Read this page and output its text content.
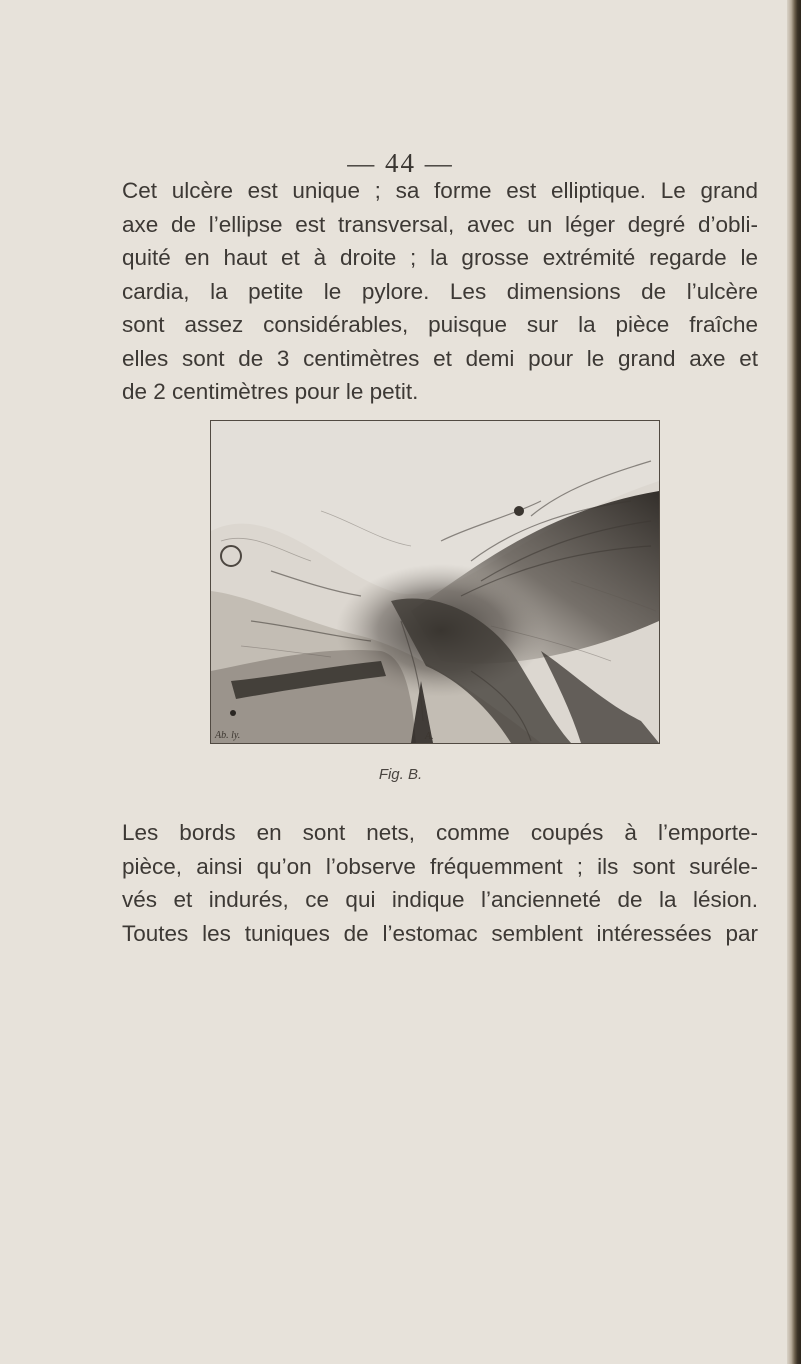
— 44 —

Cet ulcère est unique ; sa forme est elliptique. Le grand
axe de l’ellipse est transversal, avec un léger degré d’obli-
quité en haut et à droite ; la grosse extrémité regarde le
cardia, la petite le pylore. Les dimensions de l’ulcère
sont assez considérables, puisque sur la pièce fraîche
elles sont de 3 centimètres et demi pour le grand axe et
de 2 centimètres pour le petit.

Ab. ly.	A.
Fig. B.

Les bords en sont nets, comme coupés à l’emporte-
pièce, ainsi qu’on l’observe fréquemment ; ils sont suréle-
vés et indurés, ce qui indique l’ancienneté de la lésion.
Toutes les tuniques de l’estomac semblent intéressées par
